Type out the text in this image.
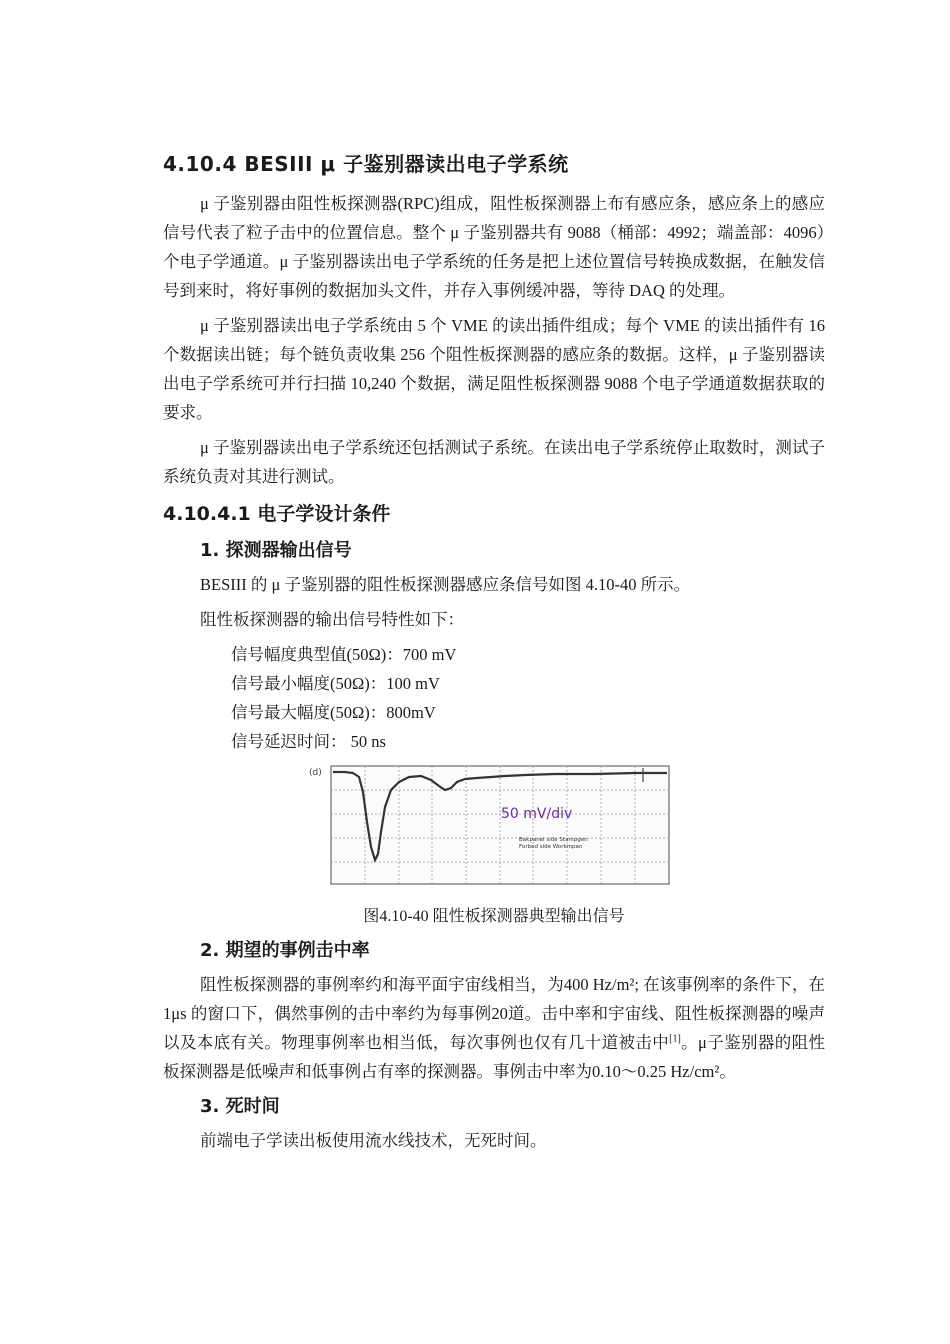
4.10.4 BESIII μ 子鉴别器读出电子学系统

μ 子鉴别器由阻性板探测器(RPC)组成，阻性板探测器上布有感应条，感应条上的感应信号代表了粒子击中的位置信息。整个 μ 子鉴别器共有 9088（桶部：4992；端盖部：4096）个电子学通道。μ 子鉴别器读出电子学系统的任务是把上述位置信号转换成数据，在触发信号到来时，将好事例的数据加头文件，并存入事例缓冲器，等待 DAQ 的处理。

μ 子鉴别器读出电子学系统由 5 个 VME 的读出插件组成；每个 VME 的读出插件有 16 个数据读出链；每个链负责收集 256 个阻性板探测器的感应条的数据。这样，μ 子鉴别器读出电子学系统可并行扫描 10,240 个数据，满足阻性板探测器 9088 个电子学通道数据获取的要求。

μ 子鉴别器读出电子学系统还包括测试子系统。在读出电子学系统停止取数时，测试子系统负责对其进行测试。

4.10.4.1 电子学设计条件
1. 探测器输出信号

BESIII 的 μ 子鉴别器的阻性板探测器感应条信号如图 4.10-40 所示。

阻性板探测器的输出信号特性如下：

信号幅度典型值(50Ω)：700 mV
信号最小幅度(50Ω)：100 mV
信号最大幅度(50Ω)：800mV
信号延迟时间： 50 ns
(d)
50 mV/div
Bakpanel side Stampgen
Forbed side Workmpan
图4.10-40 阻性板探测器典型输出信号
2. 期望的事例击中率

阻性板探测器的事例率约和海平面宇宙线相当，为400 Hz/m²; 在该事例率的条件下，在1μs 的窗口下，偶然事例的击中率约为每事例20道。击中率和宇宙线、阻性板探测器的噪声以及本底有关。物理事例率也相当低，每次事例也仅有几十道被击中[1]。μ子鉴别器的阻性板探测器是低噪声和低事例占有率的探测器。事例击中率为0.10～0.25 Hz/cm²。

3. 死时间

前端电子学读出板使用流水线技术，无死时间。
